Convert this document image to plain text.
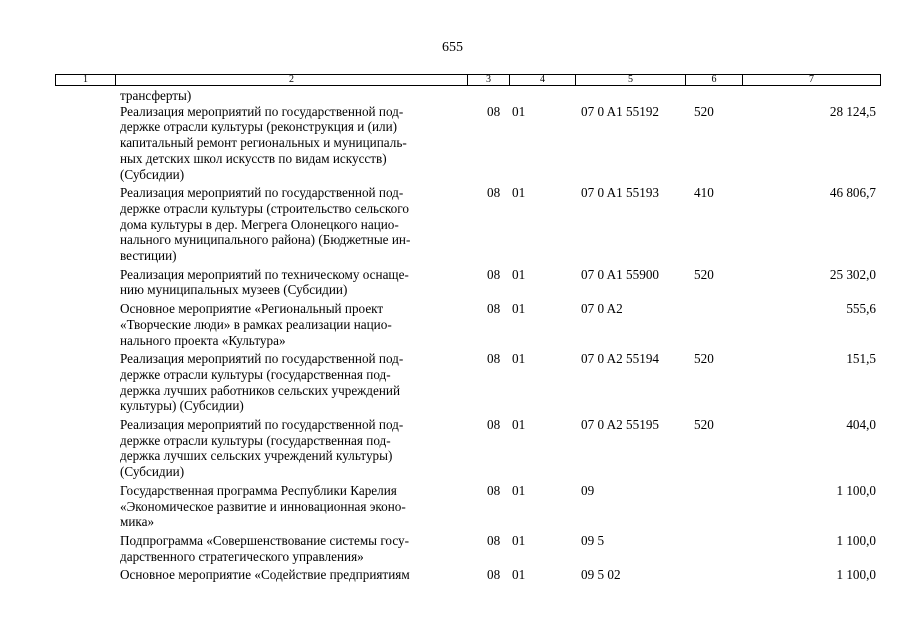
655
1	2	3	4	5	6	7
	трансферты)					

	Реализация мероприятий по государственной под-
держке отрасли культуры (реконструкция и (или)
капитальный ремонт региональных и муниципаль-
ных детских школ искусств по видам искусств)
(Субсидии)	08	01	07 0 A1 55192	520	28 124,5

	Реализация мероприятий по государственной под-
держке отрасли культуры (строительство сельского
дома культуры в дер. Мегрега Олонецкого нацио-
нального муниципального района) (Бюджетные ин-
вестиции)	08	01	07 0 A1 55193	410	46 806,7

	Реализация мероприятий по техническому оснаще-
нию муниципальных музеев (Субсидии)	08	01	07 0 A1 55900	520	25 302,0

	Основное мероприятие «Региональный проект
«Творческие люди» в рамках реализации нацио-
нального проекта «Культура»	08	01	07 0 A2		555,6

	Реализация мероприятий по государственной под-
держке отрасли культуры (государственная под-
держка лучших работников сельских учреждений
культуры) (Субсидии)	08	01	07 0 A2 55194	520	151,5

	Реализация мероприятий по государственной под-
держке отрасли культуры (государственная под-
держка лучших сельских учреждений культуры)
(Субсидии)	08	01	07 0 A2 55195	520	404,0

	Государственная программа Республики Карелия
«Экономическое развитие и инновационная эконо-
мика»	08	01	09		1 100,0

	Подпрограмма «Совершенствование системы госу-
дарственного стратегического управления»	08	01	09 5		1 100,0

	Основное мероприятие «Содействие предприятиям	08	01	09 5 02		1 100,0
